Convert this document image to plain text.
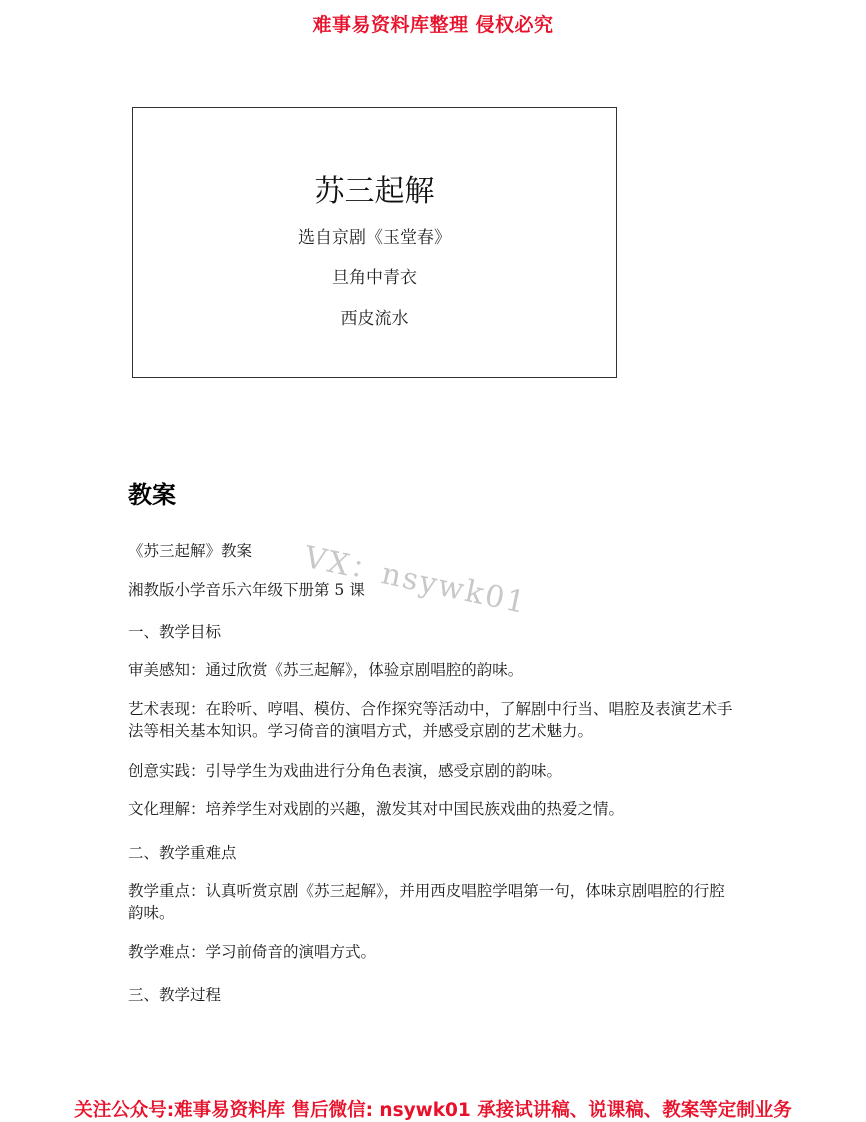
难事易资料库整理 侵权必究
苏三起解
选自京剧《玉堂春》
旦角中青衣
西皮流水
教案
VX：nsywk01
《苏三起解》教案
湘教版小学音乐六年级下册第 5 课
一、教学目标
审美感知：通过欣赏《苏三起解》，体验京剧唱腔的韵味。
艺术表现：在聆听、哼唱、模仿、合作探究等活动中，了解剧中行当、唱腔及表演艺术手法等相关基本知识。学习倚音的演唱方式，并感受京剧的艺术魅力。
创意实践：引导学生为戏曲进行分角色表演，感受京剧的韵味。
文化理解：培养学生对戏剧的兴趣，激发其对中国民族戏曲的热爱之情。
二、教学重难点
教学重点：认真听赏京剧《苏三起解》，并用西皮唱腔学唱第一句，体味京剧唱腔的行腔韵味。
教学难点：学习前倚音的演唱方式。
三、教学过程
关注公众号:难事易资料库 售后微信: nsywk01 承接试讲稿、说课稿、教案等定制业务
